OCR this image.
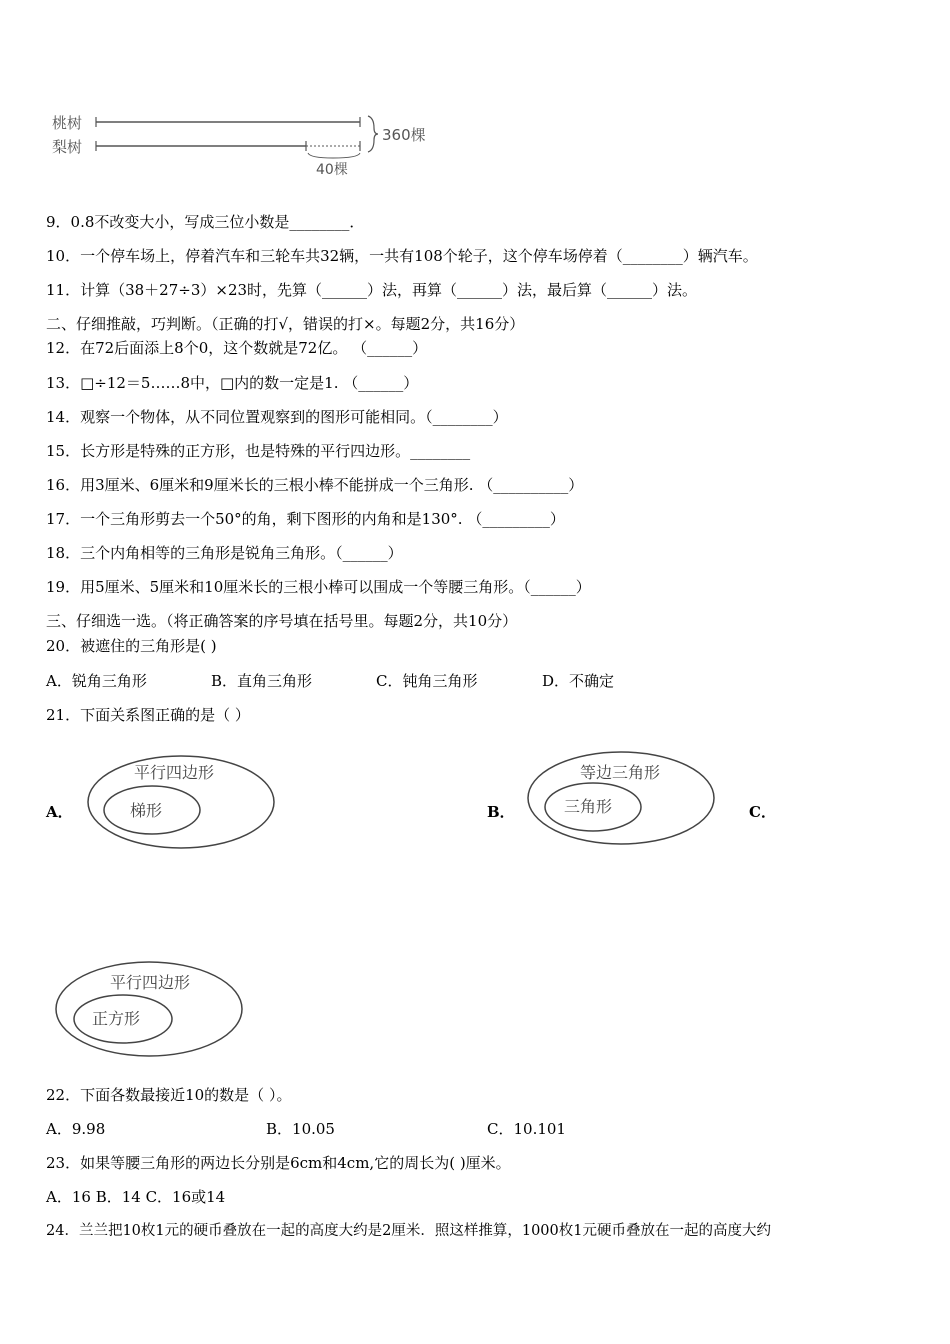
桃树
梨树
360棵
40棵
9．0.8不改变大小，写成三位小数是________．
10．一个停车场上，停着汽车和三轮车共32辆，一共有108个轮子，这个停车场停着（________）辆汽车。
11．计算（38＋27÷3）×23时，先算（______）法，再算（______）法，最后算（______）法。
二、仔细推敲，巧判断。（正确的打√，错误的打×。每题2分，共16分）
12．在72后面添上8个0，这个数就是72亿。 （______）
13．□÷12＝5……8中，□内的数一定是1. （______）
14．观察一个物体，从不同位置观察到的图形可能相同。（________）
15．长方形是特殊的正方形，也是特殊的平行四边形。________
16．用3厘米、6厘米和9厘米长的三根小棒不能拼成一个三角形. （__________）
17．一个三角形剪去一个50°的角，剩下图形的内角和是130°. （_________）
18．三个内角相等的三角形是锐角三角形。（______）
19．用5厘米、5厘米和10厘米长的三根小棒可以围成一个等腰三角形。（______）
三、仔细选一选。（将正确答案的序号填在括号里。每题2分，共10分）
20．被遮住的三角形是( )
A．锐角三角形	B．直角三角形	C．钝角三角形	D．不确定
21．下面关系图正确的是（ ）
A．	B．	C．
平行四边形
梯形
等边三角形
三角形
平行四边形
正方形
22．下面各数最接近10的数是（ ）。
A．9.98	B．10.05	C．10.101
23．如果等腰三角形的两边长分别是6cm和4cm,它的周长为( )厘米。
A．16 B．14 C．16或14
24．兰兰把10枚1元的硬币叠放在一起的高度大约是2厘米．照这样推算，1000枚1元硬币叠放在一起的高度大约
